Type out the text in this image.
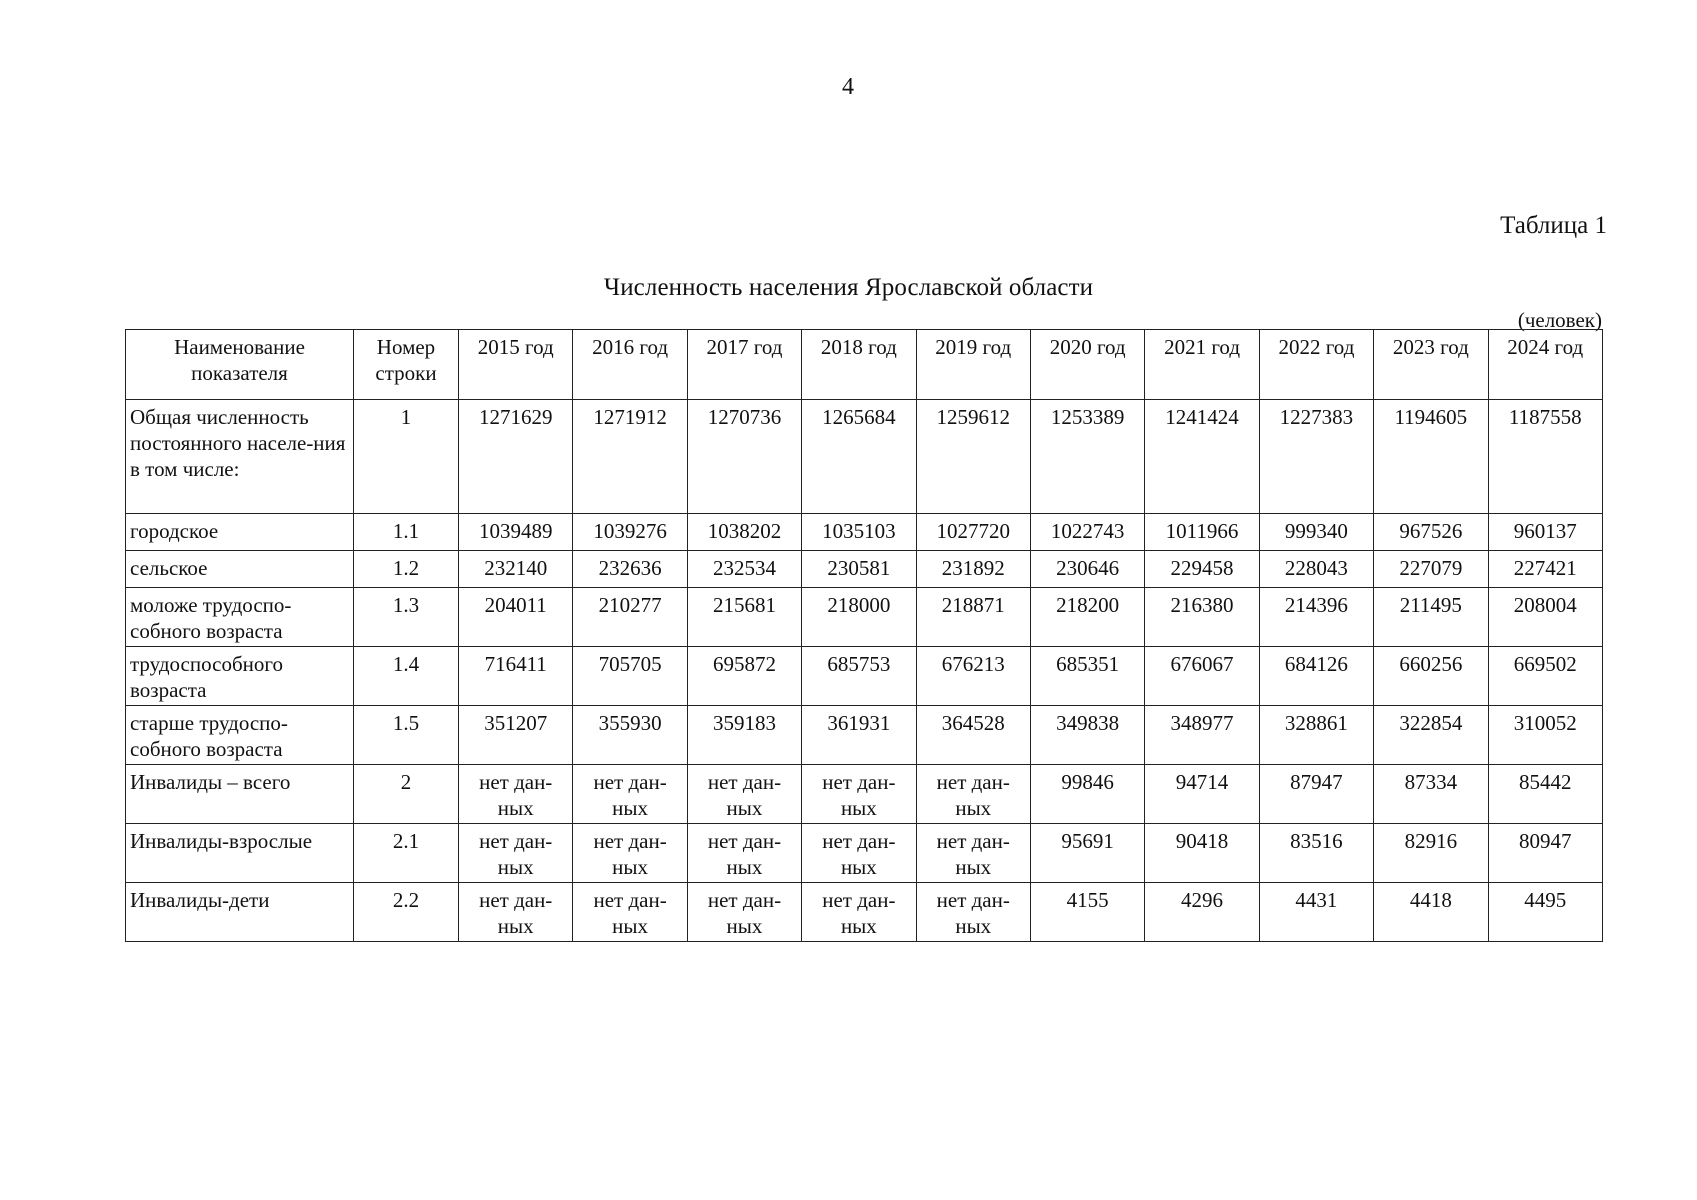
4
Таблица 1
Численность населения Ярославской области
(человек)
Наименование показателя	Номер строки	2015 год	2016 год	2017 год	2018 год	2019 год	2020 год	2021 год	2022 год	2023 год	2024 год
Общая численность постоянного населе-ния
в том числе:	1	1271629	1271912	1270736	1265684	1259612	1253389	1241424	1227383	1194605	1187558
городское	1.1	1039489	1039276	1038202	1035103	1027720	1022743	1011966	999340	967526	960137
сельское	1.2	232140	232636	232534	230581	231892	230646	229458	228043	227079	227421
моложе трудоспо-собного возраста	1.3	204011	210277	215681	218000	218871	218200	216380	214396	211495	208004
трудоспособного возраста	1.4	716411	705705	695872	685753	676213	685351	676067	684126	660256	669502
старше трудоспо-собного возраста	1.5	351207	355930	359183	361931	364528	349838	348977	328861	322854	310052
Инвалиды – всего	2	нет дан-ных	нет дан-ных	нет дан-ных	нет дан-ных	нет дан-ных	99846	94714	87947	87334	85442
Инвалиды-взрослые	2.1	нет дан-ных	нет дан-ных	нет дан-ных	нет дан-ных	нет дан-ных	95691	90418	83516	82916	80947
Инвалиды-дети	2.2	нет дан-ных	нет дан-ных	нет дан-ных	нет дан-ных	нет дан-ных	4155	4296	4431	4418	4495
